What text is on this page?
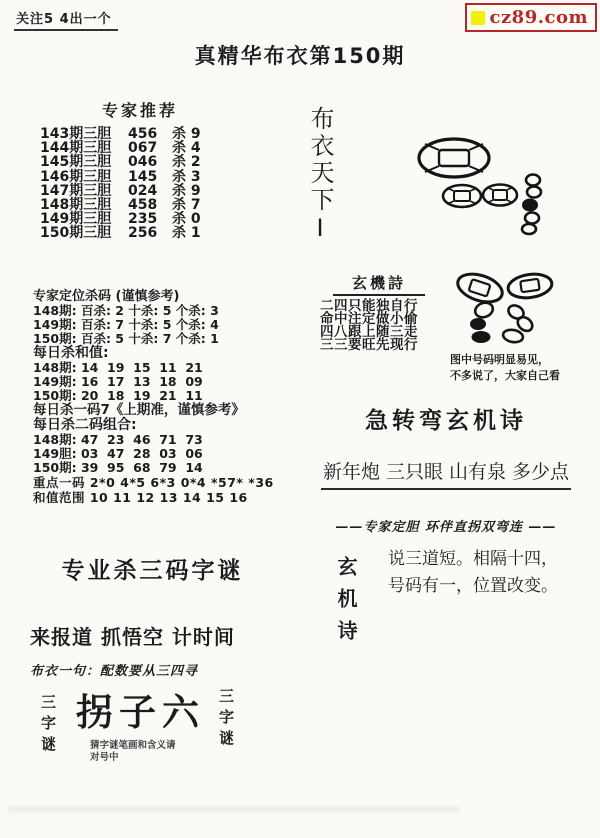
关注5 4出一个	cz89.com
真精华布衣第150期
专家推荐
143期三胆	456	杀 9
144期三胆	067	杀 4
145期三胆	046	杀 2
146期三胆	145	杀 3
147期三胆	024	杀 9
148期三胆	458	杀 7
149期三胆	235	杀 0
150期三胆	256	杀 1
专家定位杀码 (谨慎参考)
148期: 百杀: 2 十杀: 5 个杀: 3
149期: 百杀: 7 十杀: 5 个杀: 4
150期: 百杀: 5 十杀: 7 个杀: 1
每日杀和值:
148期: 14  19  15  11  21
149期: 16  17  13  18  09
150期: 20  18  19  21  11
每日杀一码7《上期准，谨慎参考》
每日杀二码组合:
148期: 47  23  46  71  73
149胆: 03  47  28  03  06
150期: 39  95  68  79  14
重点一码 2*0 4*5 6*3 0*4 *57* *36
和值范围 10 11 12 13 14 15 16
专业杀三码字谜
来报道 抓悟空 计时间
布衣一句：配数要从三四寻
三字谜 拐子六
猜字谜笔画和含义请
对号中
三字谜
布衣天下I
玄機詩
二四只能独自行
命中注定做小偷
四八跟上随三走
三三要旺先现行
图中号码明显易见，
不多说了，大家自己看
急转弯玄机诗
新年炮 三只眼 山有泉 多少点
——专家定胆 环伴直拐双弯连 ——
玄机诗 说三道短。相隔十四，
号码有一，位置改变。
